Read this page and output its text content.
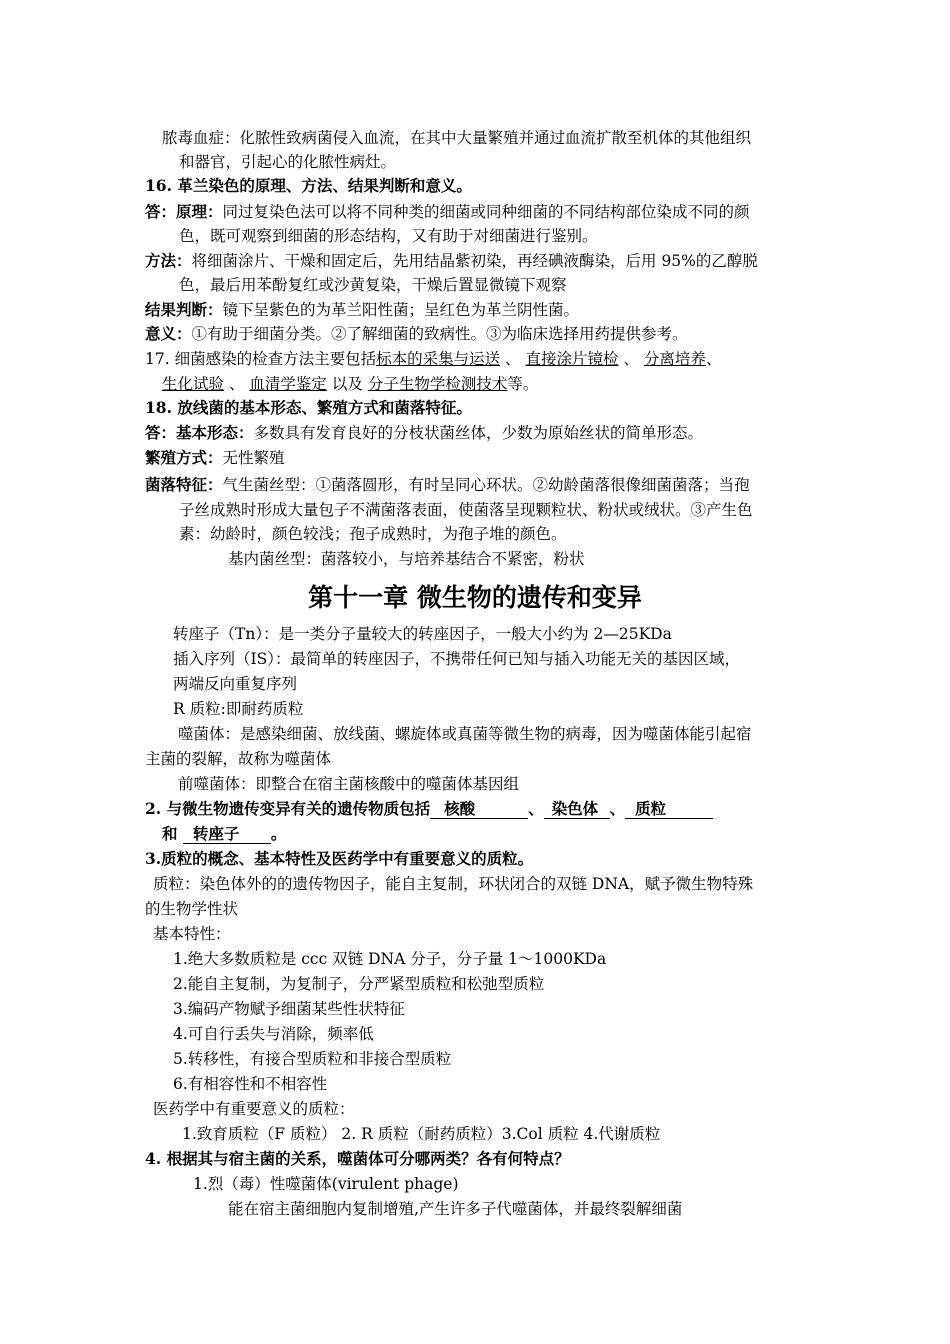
脓毒血症：化脓性致病菌侵入血流，在其中大量繁殖并通过血流扩散至机体的其他组织
和器官，引起心的化脓性病灶。
16. 革兰染色的原理、方法、结果判断和意义。
答：原理：同过复染色法可以将不同种类的细菌或同种细菌的不同结构部位染成不同的颜
色，既可观察到细菌的形态结构，又有助于对细菌进行鉴别。
方法：将细菌涂片、干燥和固定后，先用结晶紫初染，再经碘液酶染，后用 95%的乙醇脱
色，最后用苯酚复红或沙黄复染，干燥后置显微镜下观察
结果判断：镜下呈紫色的为革兰阳性菌；呈红色为革兰阴性菌。
意义：①有助于细菌分类。②了解细菌的致病性。③为临床选择用药提供参考。
17. 细菌感染的检查方法主要包括标本的采集与运送 、 直接涂片镜检 、 分离培养、
生化试验 、 血清学鉴定 以及 分子生物学检测技术等。
18. 放线菌的基本形态、繁殖方式和菌落特征。
答：基本形态：多数具有发育良好的分枝状菌丝体，少数为原始丝状的简单形态。
繁殖方式：无性繁殖
菌落特征：气生菌丝型：①菌落圆形，有时呈同心环状。②幼龄菌落很像细菌菌落；当孢
子丝成熟时形成大量包子不满菌落表面，使菌落呈现颗粒状、粉状或绒状。③产生色
素：幼龄时，颜色较浅；孢子成熟时，为孢子堆的颜色。
基内菌丝型：菌落较小，与培养基结合不紧密，粉状
第十一章 微生物的遗传和变异
转座子（Tn）：是一类分子量较大的转座因子，一般大小约为 2—25KDa
插入序列（IS）：最简单的转座因子，不携带任何已知与插入功能无关的基因区域，
两端反向重复序列
R 质粒:即耐药质粒
噬菌体：是感染细菌、放线菌、螺旋体或真菌等微生物的病毒，因为噬菌体能引起宿
主菌的裂解，故称为噬菌体
前噬菌体：即整合在宿主菌核酸中的噬菌体基因组
2. 与微生物遗传变异有关的遗传物质包括 核酸	、 染色体 、 质粒
和 转座子 。
3.质粒的概念、基本特性及医药学中有重要意义的质粒。
质粒：染色体外的的遗传物因子，能自主复制，环状闭合的双链 DNA，赋予微生物特殊
的生物学性状
基本特性：
1.绝大多数质粒是 ccc 双链 DNA 分子，分子量 1～1000KDa
2.能自主复制，为复制子，分严紧型质粒和松弛型质粒
3.编码产物赋予细菌某些性状特征
4.可自行丢失与消除，频率低
5.转移性，有接合型质粒和非接合型质粒
6.有相容性和不相容性
医药学中有重要意义的质粒：
1.致育质粒（F 质粒） 2. R 质粒（耐药质粒）3.Col 质粒 4.代谢质粒
4. 根据其与宿主菌的关系，噬菌体可分哪两类？各有何特点？
1.烈（毒）性噬菌体(virulent phage)
能在宿主菌细胞内复制增殖,产生许多子代噬菌体，并最终裂解细菌
